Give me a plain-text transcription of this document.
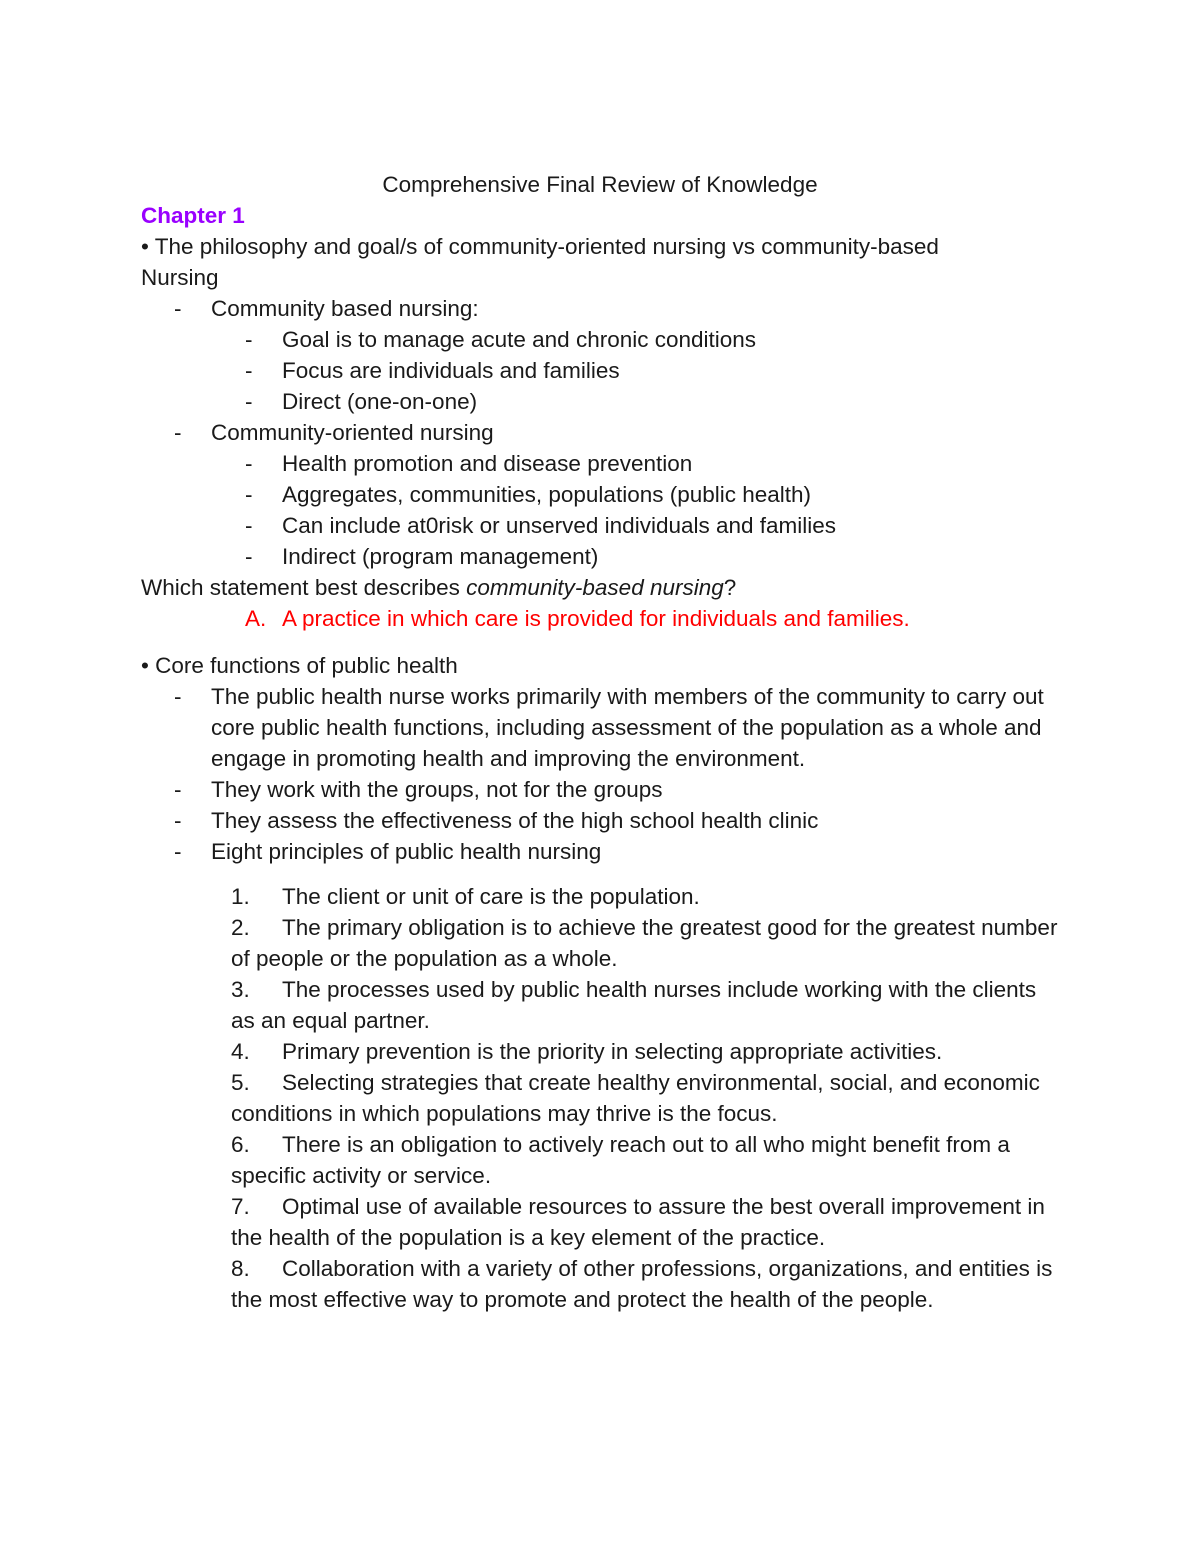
Comprehensive Final Review of Knowledge
Chapter 1
• The philosophy and goal/s of community-oriented nursing vs community-based
Nursing
- Community based nursing:
- Goal is to manage acute and chronic conditions
- Focus are individuals and families
- Direct (one-on-one)
- Community-oriented nursing
- Health promotion and disease prevention
- Aggregates, communities, populations (public health)
- Can include at0risk or unserved individuals and families
- Indirect (program management)
Which statement best describes community-based nursing?
A. A practice in which care is provided for individuals and families.
• Core functions of public health
- The public health nurse works primarily with members of the community to carry out core public health functions, including assessment of the population as a whole and engage in promoting health and improving the environment.
- They work with the groups, not for the groups
- They assess the effectiveness of the high school health clinic
- Eight principles of public health nursing
1. The client or unit of care is the population.
2. The primary obligation is to achieve the greatest good for the greatest number of people or the population as a whole.
3. The processes used by public health nurses include working with the clients as an equal partner.
4. Primary prevention is the priority in selecting appropriate activities.
5. Selecting strategies that create healthy environmental, social, and economic conditions in which populations may thrive is the focus.
6. There is an obligation to actively reach out to all who might benefit from a specific activity or service.
7. Optimal use of available resources to assure the best overall improvement in the health of the population is a key element of the practice.
8. Collaboration with a variety of other professions, organizations, and entities is the most effective way to promote and protect the health of the people.
